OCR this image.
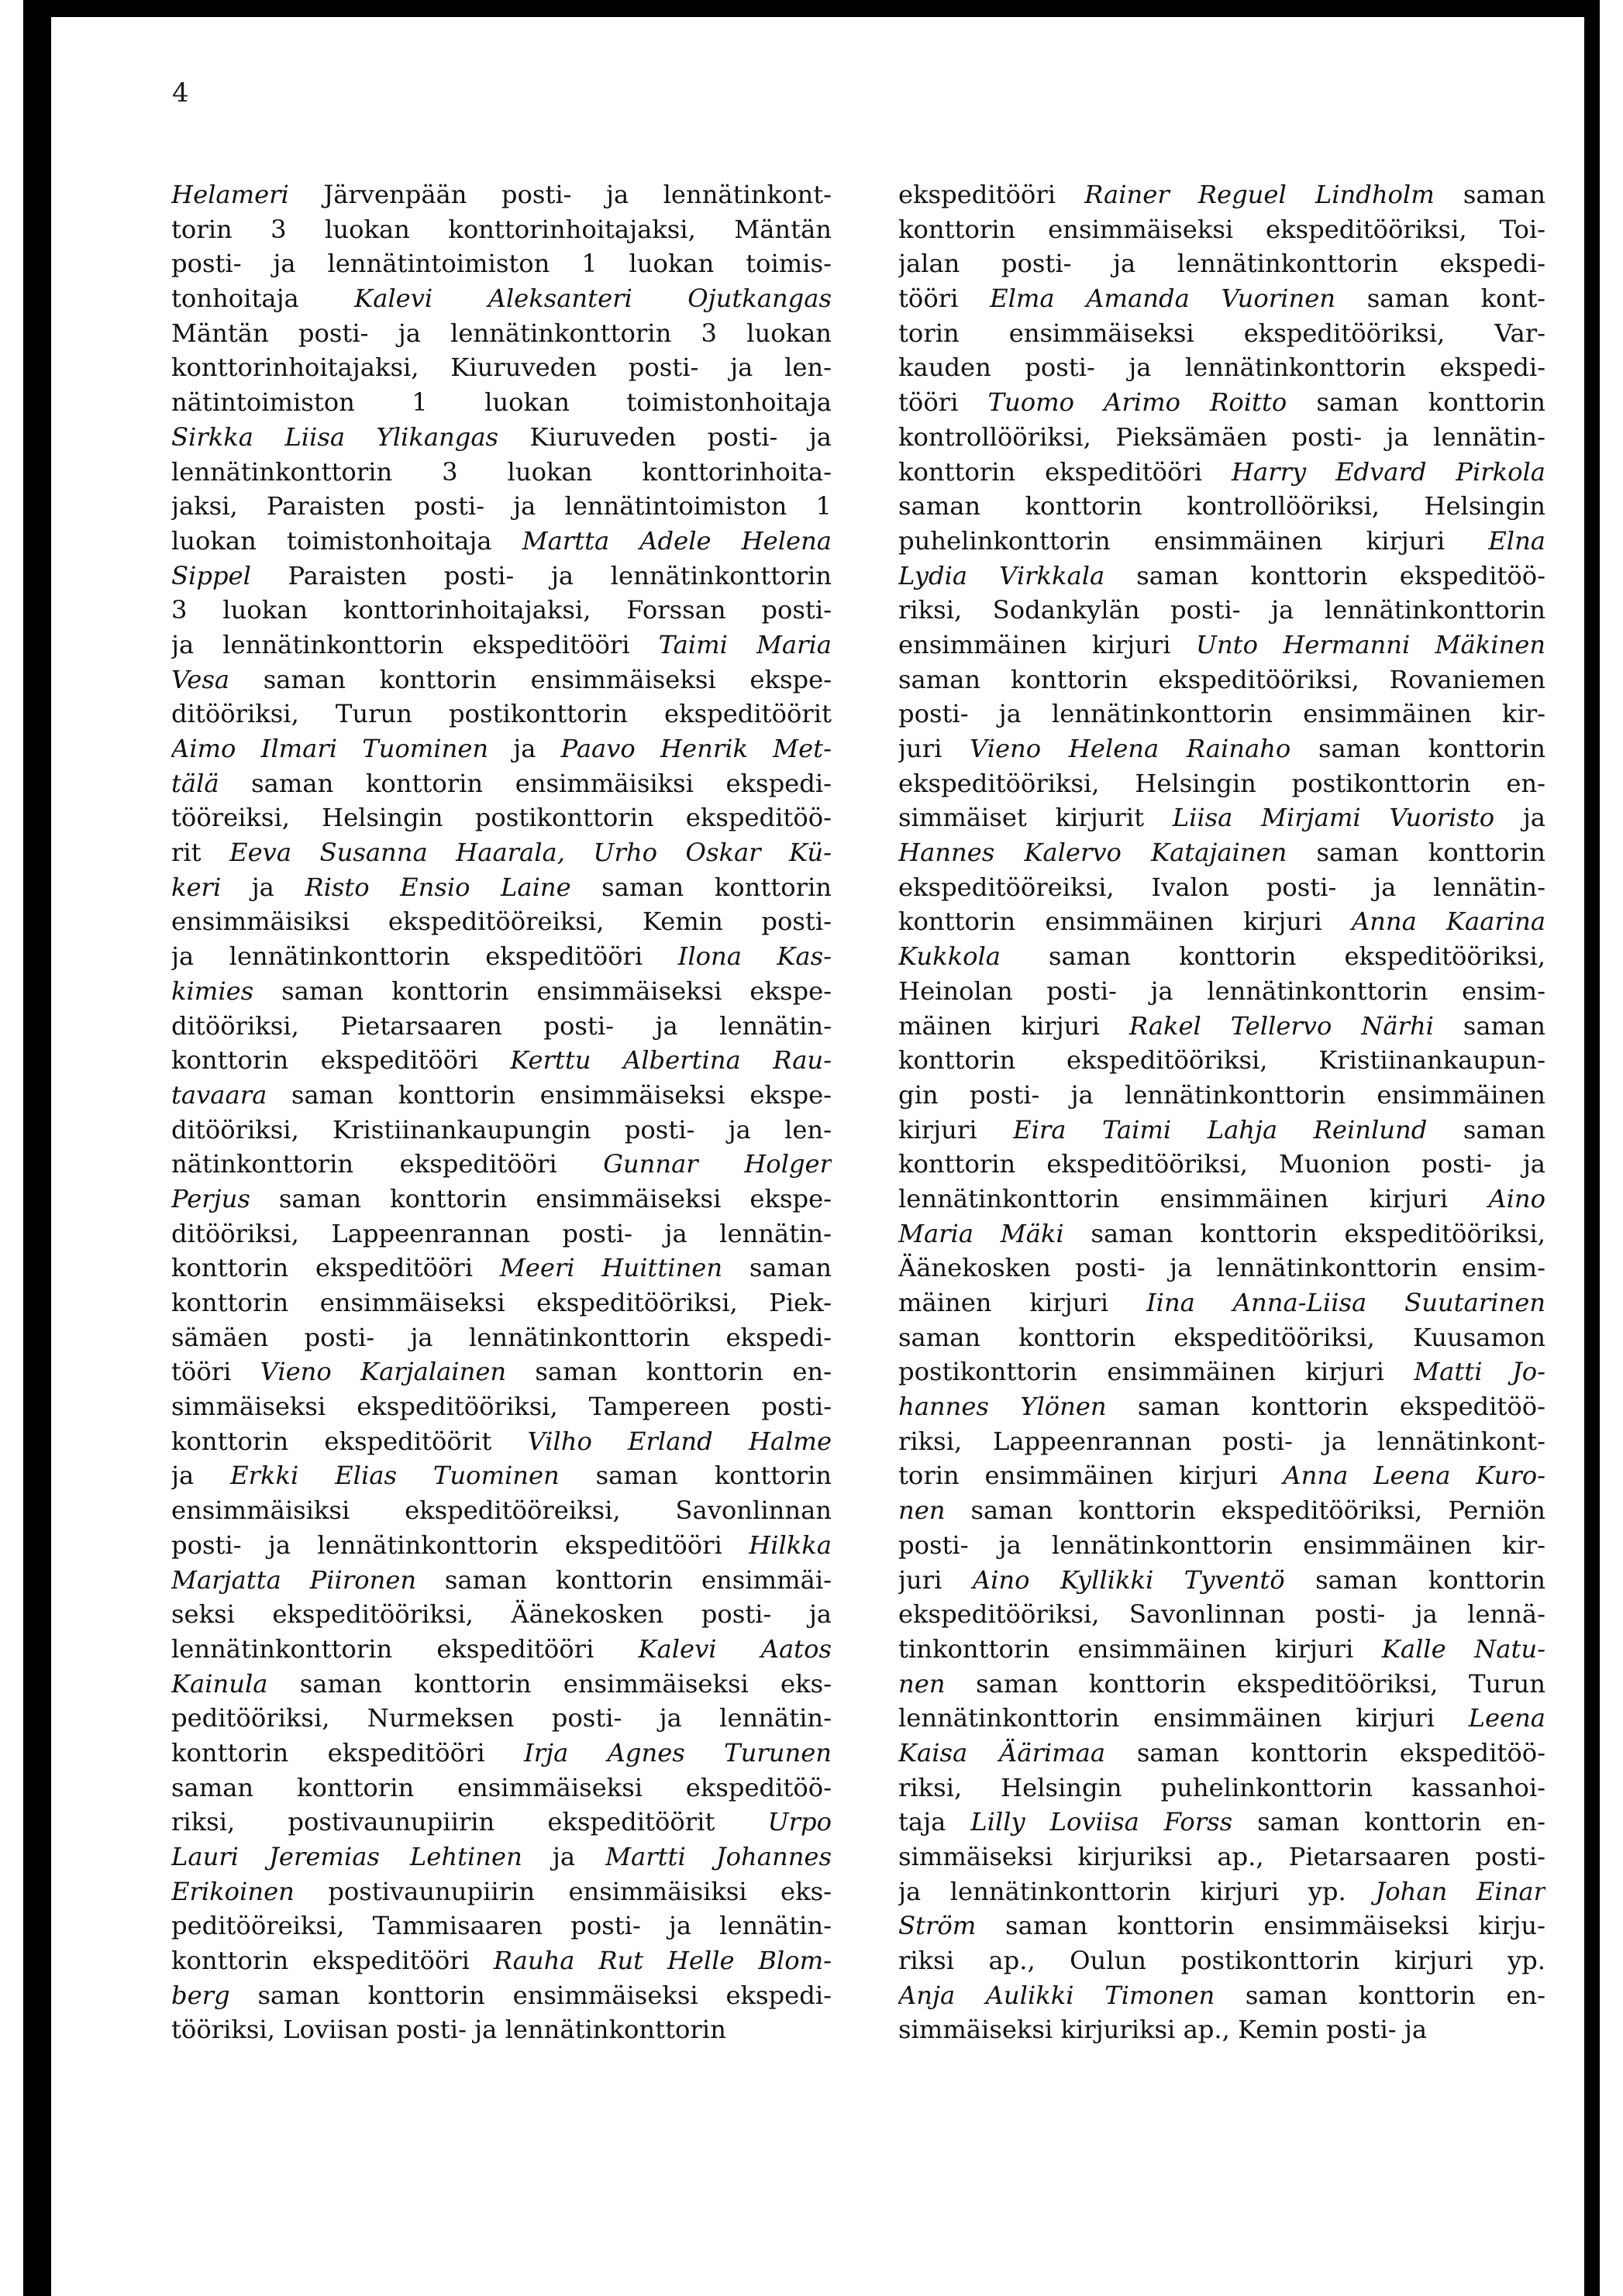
4
Helameri Järvenpään posti- ja lennätinkont-
torin 3 luokan konttorinhoitajaksi, Mäntän
posti- ja lennätintoimiston 1 luokan toimis-
tonhoitaja Kalevi Aleksanteri Ojutkangas
Mäntän posti- ja lennätinkonttorin 3 luokan
konttorinhoitajaksi, Kiuruveden posti- ja len-
nätintoimiston 1 luokan toimistonhoitaja
Sirkka Liisa Ylikangas Kiuruveden posti- ja
lennätinkonttorin 3 luokan konttorinhoita-
jaksi, Paraisten posti- ja lennätintoimiston 1
luokan toimistonhoitaja Martta Adele Helena
Sippel Paraisten posti- ja lennätinkonttorin
3 luokan konttorinhoitajaksi, Forssan posti-
ja lennätinkonttorin ekspeditööri Taimi Maria
Vesa saman konttorin ensimmäiseksi ekspe-
ditööriksi, Turun postikonttorin ekspeditöörit
Aimo Ilmari Tuominen ja Paavo Henrik Met-
tälä saman konttorin ensimmäisiksi ekspedi-
tööreiksi, Helsingin postikonttorin ekspeditöö-
rit Eeva Susanna Haarala, Urho Oskar Kü-
keri ja Risto Ensio Laine saman konttorin
ensimmäisiksi ekspeditööreiksi, Kemin posti-
ja lennätinkonttorin ekspeditööri Ilona Kas-
kimies saman konttorin ensimmäiseksi ekspe-
ditööriksi, Pietarsaaren posti- ja lennätin-
konttorin ekspeditööri Kerttu Albertina Rau-
tavaara saman konttorin ensimmäiseksi ekspe-
ditööriksi, Kristiinankaupungin posti- ja len-
nätinkonttorin ekspeditööri Gunnar Holger
Perjus saman konttorin ensimmäiseksi ekspe-
ditööriksi, Lappeenrannan posti- ja lennätin-
konttorin ekspeditööri Meeri Huittinen saman
konttorin ensimmäiseksi ekspeditööriksi, Piek-
sämäen posti- ja lennätinkonttorin ekspedi-
tööri Vieno Karjalainen saman konttorin en-
simmäiseksi ekspeditööriksi, Tampereen posti-
konttorin ekspeditöörit Vilho Erland Halme
ja Erkki Elias Tuominen saman konttorin
ensimmäisiksi ekspeditööreiksi, Savonlinnan
posti- ja lennätinkonttorin ekspeditööri Hilkka
Marjatta Piironen saman konttorin ensimmäi-
seksi ekspeditööriksi, Äänekosken posti- ja
lennätinkonttorin ekspeditööri Kalevi Aatos
Kainula saman konttorin ensimmäiseksi eks-
peditööriksi, Nurmeksen posti- ja lennätin-
konttorin ekspeditööri Irja Agnes Turunen
saman konttorin ensimmäiseksi ekspeditöö-
riksi, postivaunupiirin ekspeditöörit Urpo
Lauri Jeremias Lehtinen ja Martti Johannes
Erikoinen postivaunupiirin ensimmäisiksi eks-
peditööreiksi, Tammisaaren posti- ja lennätin-
konttorin ekspeditööri Rauha Rut Helle Blom-
berg saman konttorin ensimmäiseksi ekspedi-
tööriksi, Loviisan posti- ja lennätinkonttorin
ekspeditööri Rainer Reguel Lindholm saman
konttorin ensimmäiseksi ekspeditööriksi, Toi-
jalan posti- ja lennätinkonttorin ekspedi-
tööri Elma Amanda Vuorinen saman kont-
torin ensimmäiseksi ekspeditööriksi, Var-
kauden posti- ja lennätinkonttorin ekspedi-
tööri Tuomo Arimo Roitto saman konttorin
kontrollööriksi, Pieksämäen posti- ja lennätin-
konttorin ekspeditööri Harry Edvard Pirkola
saman konttorin kontrollööriksi, Helsingin
puhelinkonttorin ensimmäinen kirjuri Elna
Lydia Virkkala saman konttorin ekspeditöö-
riksi, Sodankylän posti- ja lennätinkonttorin
ensimmäinen kirjuri Unto Hermanni Mäkinen
saman konttorin ekspeditööriksi, Rovaniemen
posti- ja lennätinkonttorin ensimmäinen kir-
juri Vieno Helena Rainaho saman konttorin
ekspeditööriksi, Helsingin postikonttorin en-
simmäiset kirjurit Liisa Mirjami Vuoristo ja
Hannes Kalervo Katajainen saman konttorin
ekspeditööreiksi, Ivalon posti- ja lennätin-
konttorin ensimmäinen kirjuri Anna Kaarina
Kukkola saman konttorin ekspeditööriksi,
Heinolan posti- ja lennätinkonttorin ensim-
mäinen kirjuri Rakel Tellervo Närhi saman
konttorin ekspeditööriksi, Kristiinankaupun-
gin posti- ja lennätinkonttorin ensimmäinen
kirjuri Eira Taimi Lahja Reinlund saman
konttorin ekspeditööriksi, Muonion posti- ja
lennätinkonttorin ensimmäinen kirjuri Aino
Maria Mäki saman konttorin ekspeditööriksi,
Äänekosken posti- ja lennätinkonttorin ensim-
mäinen kirjuri Iina Anna-Liisa Suutarinen
saman konttorin ekspeditööriksi, Kuusamon
postikonttorin ensimmäinen kirjuri Matti Jo-
hannes Ylönen saman konttorin ekspeditöö-
riksi, Lappeenrannan posti- ja lennätinkont-
torin ensimmäinen kirjuri Anna Leena Kuro-
nen saman konttorin ekspeditööriksi, Perniön
posti- ja lennätinkonttorin ensimmäinen kir-
juri Aino Kyllikki Tyventö saman konttorin
ekspeditööriksi, Savonlinnan posti- ja lennä-
tinkonttorin ensimmäinen kirjuri Kalle Natu-
nen saman konttorin ekspeditööriksi, Turun
lennätinkonttorin ensimmäinen kirjuri Leena
Kaisa Äärimaa saman konttorin ekspeditöö-
riksi, Helsingin puhelinkonttorin kassanhoi-
taja Lilly Loviisa Forss saman konttorin en-
simmäiseksi kirjuriksi ap., Pietarsaaren posti-
ja lennätinkonttorin kirjuri yp. Johan Einar
Ström saman konttorin ensimmäiseksi kirju-
riksi ap., Oulun postikonttorin kirjuri yp.
Anja Aulikki Timonen saman konttorin en-
simmäiseksi kirjuriksi ap., Kemin posti- ja
